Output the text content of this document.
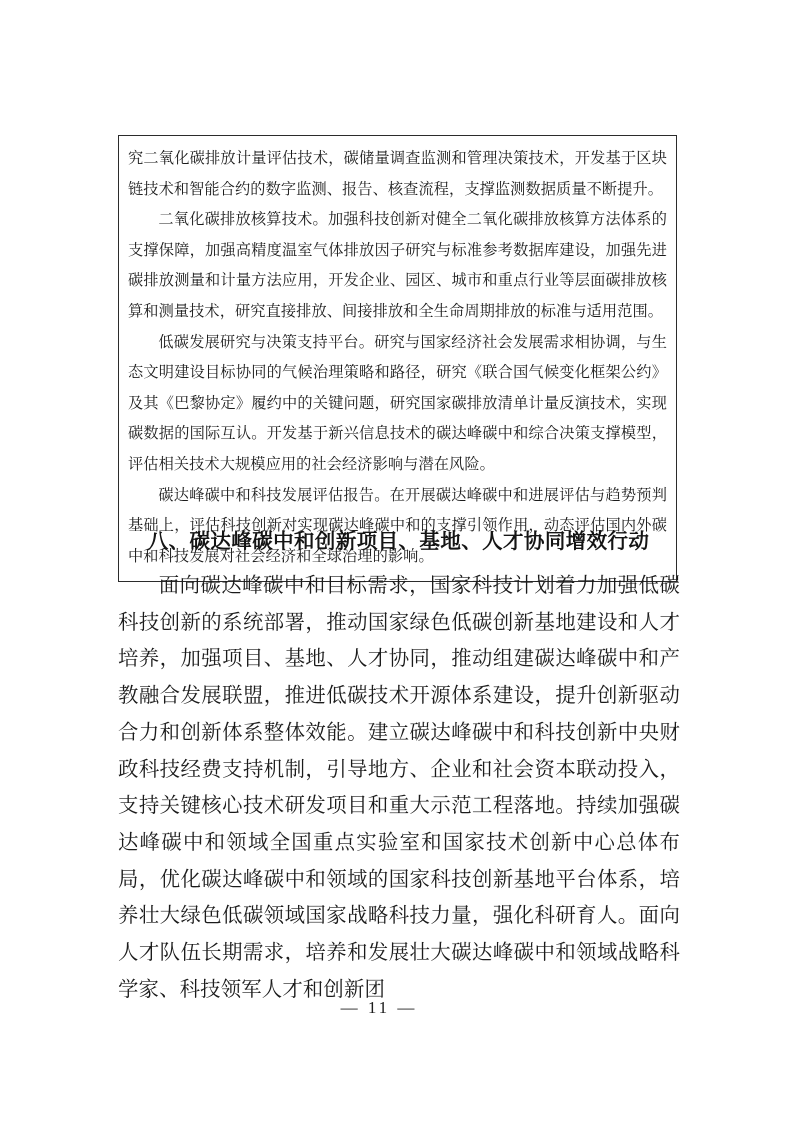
究二氧化碳排放计量评估技术，碳储量调查监测和管理决策技术，开发基于区块链技术和智能合约的数字监测、报告、核查流程，支撑监测数据质量不断提升。

二氧化碳排放核算技术。加强科技创新对健全二氧化碳排放核算方法体系的支撑保障，加强高精度温室气体排放因子研究与标准参考数据库建设，加强先进碳排放测量和计量方法应用，开发企业、园区、城市和重点行业等层面碳排放核算和测量技术，研究直接排放、间接排放和全生命周期排放的标准与适用范围。

低碳发展研究与决策支持平台。研究与国家经济社会发展需求相协调，与生态文明建设目标协同的气候治理策略和路径，研究《联合国气候变化框架公约》及其《巴黎协定》履约中的关键问题，研究国家碳排放清单计量反演技术，实现碳数据的国际互认。开发基于新兴信息技术的碳达峰碳中和综合决策支撑模型，评估相关技术大规模应用的社会经济影响与潜在风险。

碳达峰碳中和科技发展评估报告。在开展碳达峰碳中和进展评估与趋势预判基础上，评估科技创新对实现碳达峰碳中和的支撑引领作用，动态评估国内外碳中和科技发展对社会经济和全球治理的影响。

八、碳达峰碳中和创新项目、基地、人才协同增效行动

面向碳达峰碳中和目标需求，国家科技计划着力加强低碳科技创新的系统部署，推动国家绿色低碳创新基地建设和人才培养，加强项目、基地、人才协同，推动组建碳达峰碳中和产教融合发展联盟，推进低碳技术开源体系建设，提升创新驱动合力和创新体系整体效能。建立碳达峰碳中和科技创新中央财政科技经费支持机制，引导地方、企业和社会资本联动投入，支持关键核心技术研发项目和重大示范工程落地。持续加强碳达峰碳中和领域全国重点实验室和国家技术创新中心总体布局，优化碳达峰碳中和领域的国家科技创新基地平台体系，培养壮大绿色低碳领域国家战略科技力量，强化科研育人。面向人才队伍长期需求，培养和发展壮大碳达峰碳中和领域战略科学家、科技领军人才和创新团

— 11 —
